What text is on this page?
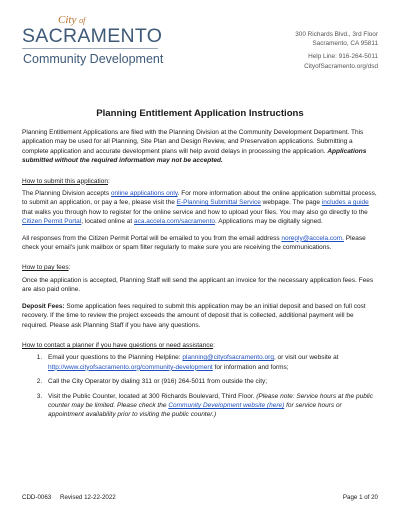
City of
SACRAMENTO
Community Development
300 Richards Blvd., 3rd Floor
Sacramento, CA 95811
Help Line: 916-264-5011
CityofSacramento.org/dsd
Planning Entitlement Application Instructions

Planning Entitlement Applications are filed with the Planning Division at the Community Development Department. This application may be used for all Planning, Site Plan and Design Review, and Preservation applications. Submitting a complete application and accurate development plans will help avoid delays in processing the application. Applications submitted without the required information may not be accepted.

How to submit this application:

The Planning Division accepts online applications only. For more information about the online application submittal process, to submit an application, or pay a fee, please visit the E-Planning Submittal Service webpage. The page includes a guide that walks you through how to register for the online service and how to upload your files. You may also go directly to the Citizen Permit Portal, located online at aca.accela.com/sacramento. Applications may be digitally signed.

All responses from the Citizen Permit Portal will be emailed to you from the email address noreply@accela.com. Please check your email's junk mailbox or spam filter regularly to make sure you are receiving the communications.

How to pay fees:

Once the application is accepted, Planning Staff will send the applicant an invoice for the necessary application fees. Fees are also paid online.

Deposit Fees: Some application fees required to submit this application may be an initial deposit and based on full cost recovery. If the time to review the project exceeds the amount of deposit that is collected, additional payment will be required. Please ask Planning Staff if you have any questions.

How to contact a planner if you have questions or need assistance:

1. Email your questions to the Planning Helpline: planning@cityofsacramento.org, or visit our website at http://www.cityofsacramento.org/community-development for information and forms;
2. Call the City Operator by dialing 311 or (916) 264-5011 from outside the city;
3. Visit the Public Counter, located at 300 Richards Boulevard, Third Floor. (Please note: Service hours at the public counter may be limited. Please check the Community Development website (here) for service hours or appointment availability prior to visiting the public counter.)
CDD-0063 Revised 12-22-2022	Page 1 of 20
